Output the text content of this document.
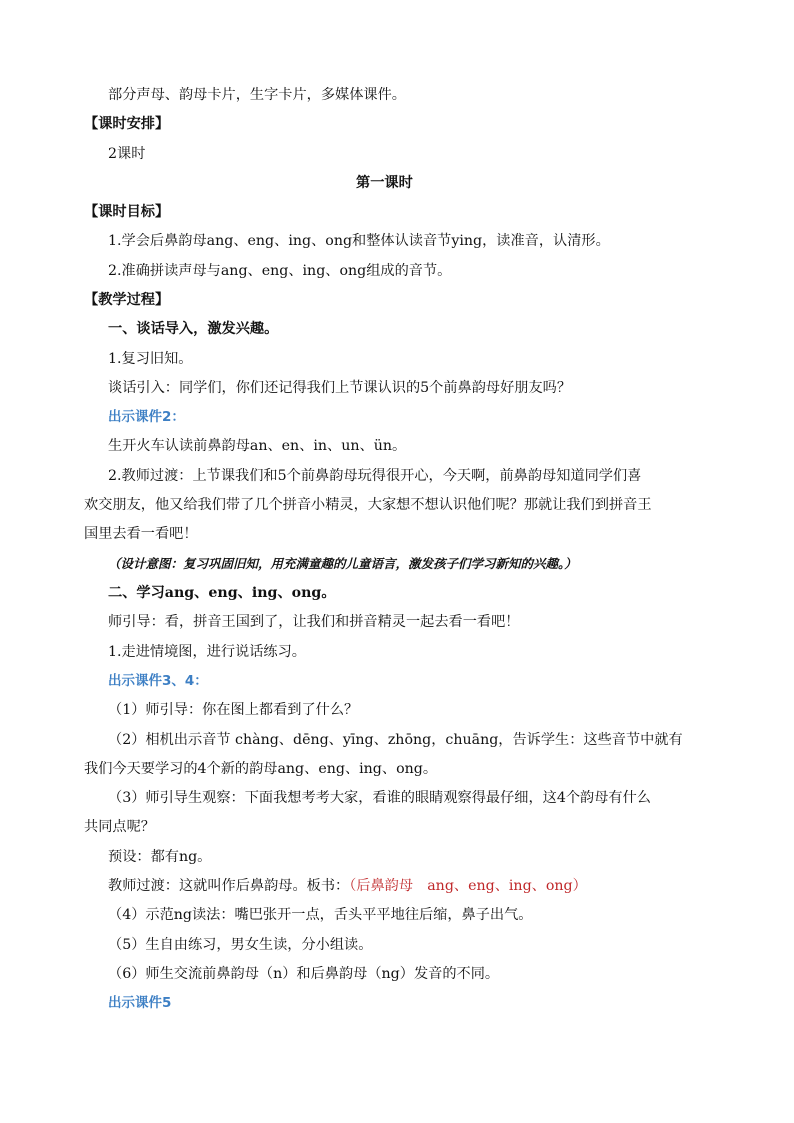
部分声母、韵母卡片，生字卡片，多媒体课件。
【课时安排】
2课时
第一课时
【课时目标】
1.学会后鼻韵母ang、eng、ing、ong和整体认读音节ying，读准音，认清形。
2.准确拼读声母与ang、eng、ing、ong组成的音节。
【教学过程】
一、谈话导入，激发兴趣。
1.复习旧知。
谈话引入：同学们，你们还记得我们上节课认识的5个前鼻韵母好朋友吗？
出示课件2：
生开火车认读前鼻韵母an、en、in、un、ün。
2.教师过渡：上节课我们和5个前鼻韵母玩得很开心，今天啊，前鼻韵母知道同学们喜
欢交朋友，他又给我们带了几个拼音小精灵，大家想不想认识他们呢？那就让我们到拼音王
国里去看一看吧！
（设计意图：复习巩固旧知，用充满童趣的儿童语言，激发孩子们学习新知的兴趣。）
二、学习ang、eng、ing、ong。
师引导：看，拼音王国到了，让我们和拼音精灵一起去看一看吧！
1.走进情境图，进行说话练习。
出示课件3、4：
（1）师引导：你在图上都看到了什么？
（2）相机出示音节 chàng、dēng、yīng、zhōng，chuāng，告诉学生：这些音节中就有
我们今天要学习的4个新的韵母ang、eng、ing、ong。
（3）师引导生观察：下面我想考考大家，看谁的眼睛观察得最仔细，这4个韵母有什么
共同点呢？
预设：都有ng。
教师过渡：这就叫作后鼻韵母。板书：（后鼻韵母　ang、eng、ing、ong）
（4）示范ng读法：嘴巴张开一点，舌头平平地往后缩，鼻子出气。
（5）生自由练习，男女生读，分小组读。
（6）师生交流前鼻韵母（n）和后鼻韵母（ng）发音的不同。
出示课件5
